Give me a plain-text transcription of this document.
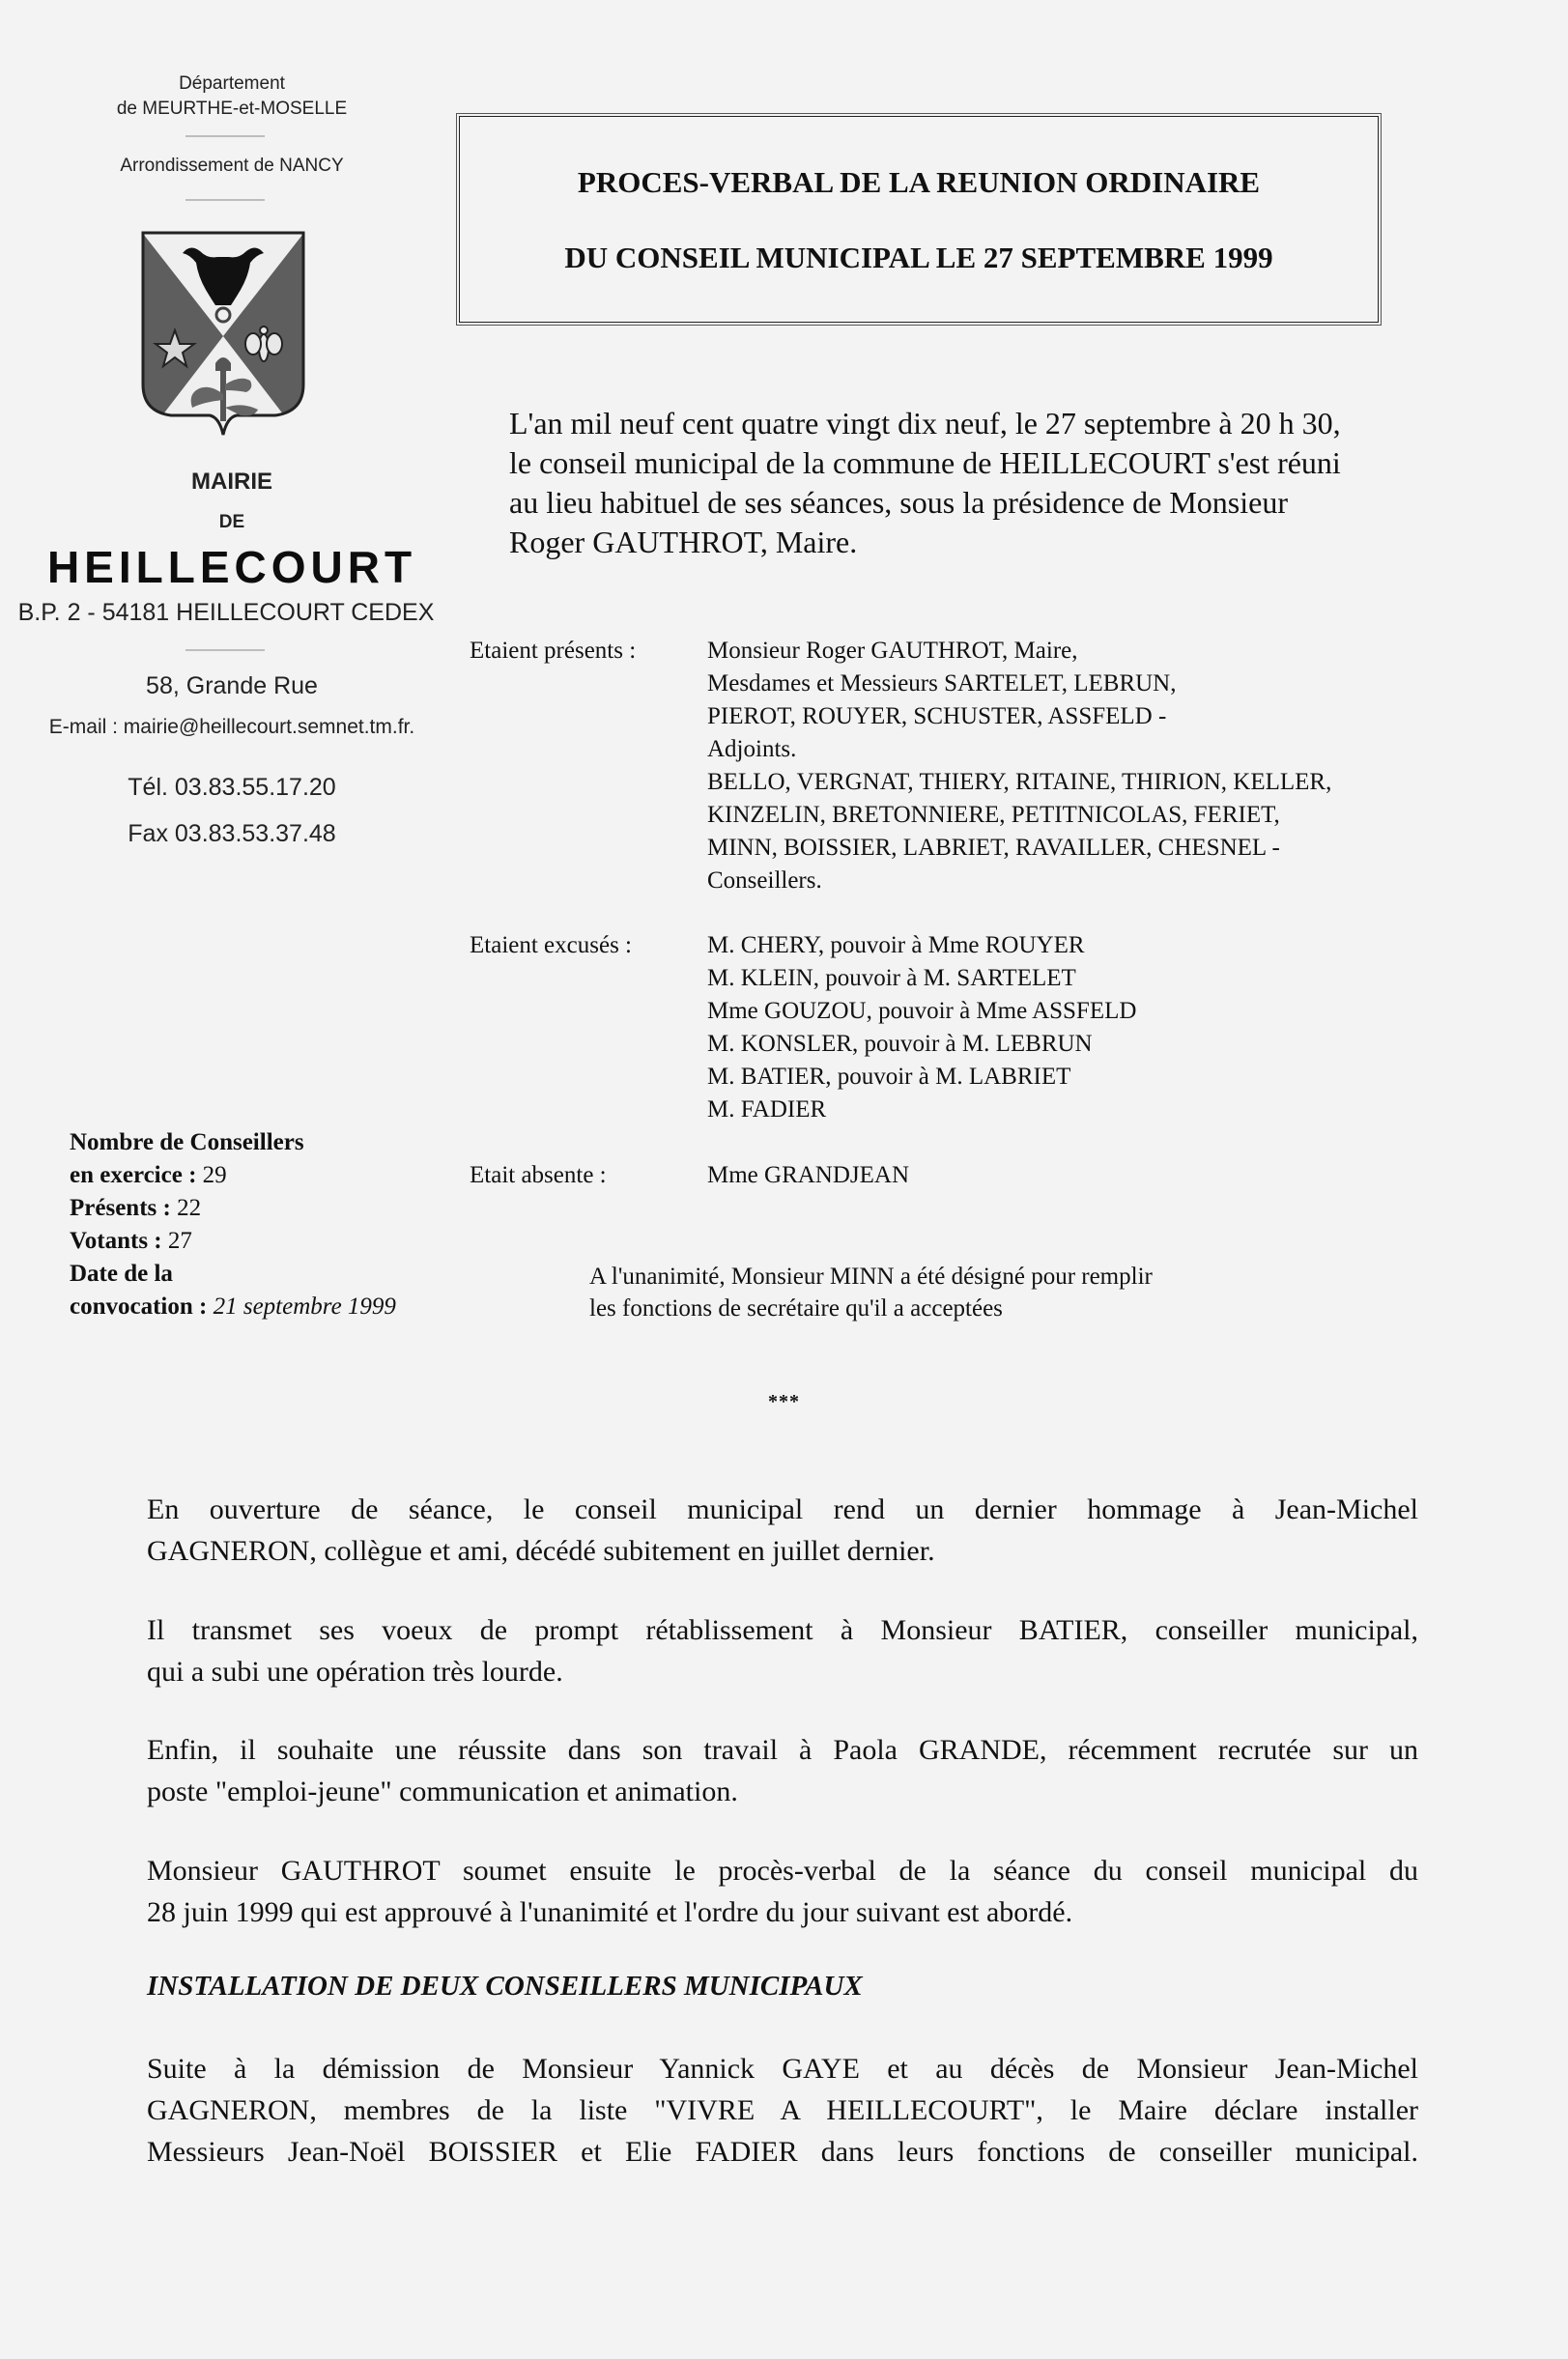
Département
de MEURTHE-et-MOSELLE
Arrondissement de NANCY
MAIRIE
DE
HEILLECOURT
B.P. 2 - 54181 HEILLECOURT CEDEX
58, Grande Rue
E-mail : mairie@heillecourt.semnet.tm.fr.
Tél. 03.83.55.17.20
Fax 03.83.53.37.48
PROCES-VERBAL DE LA REUNION ORDINAIRE
DU CONSEIL MUNICIPAL LE 27 SEPTEMBRE 1999
L'an mil neuf cent quatre vingt dix neuf, le 27 septembre à 20 h 30,
le conseil municipal de la commune de HEILLECOURT s'est réuni
au lieu habituel de ses séances, sous la présidence de Monsieur
Roger GAUTHROT, Maire.
Etaient présents :	Monsieur Roger GAUTHROT, Maire,
Mesdames et Messieurs SARTELET, LEBRUN,
PIEROT, ROUYER, SCHUSTER, ASSFELD -
Adjoints.
BELLO, VERGNAT, THIERY, RITAINE, THIRION, KELLER,
KINZELIN, BRETONNIERE, PETITNICOLAS, FERIET,
MINN, BOISSIER, LABRIET, RAVAILLER, CHESNEL -
Conseillers.
Etaient excusés :	M. CHERY, pouvoir à Mme ROUYER
M. KLEIN, pouvoir à M. SARTELET
Mme GOUZOU, pouvoir à Mme ASSFELD
M. KONSLER, pouvoir à M. LEBRUN
M. BATIER, pouvoir à M. LABRIET
M. FADIER
Etait absente :	Mme GRANDJEAN
A l'unanimité, Monsieur MINN a été désigné pour remplir
les fonctions de secrétaire qu'il a acceptées
Nombre de Conseillers
en exercice : 29
Présents : 22
Votants : 27
Date de la
convocation : 21 septembre 1999
***
En ouverture de séance, le conseil municipal rend un dernier hommage à Jean-Michel
GAGNERON, collègue et ami, décédé subitement en juillet dernier.
Il transmet ses voeux de prompt rétablissement à Monsieur BATIER, conseiller municipal,
qui a subi une opération très lourde.
Enfin, il souhaite une réussite dans son travail à Paola GRANDE, récemment recrutée sur un
poste "emploi-jeune" communication et animation.
Monsieur GAUTHROT soumet ensuite le procès-verbal de la séance du conseil municipal du
28 juin 1999 qui est approuvé à l'unanimité et l'ordre du jour suivant est abordé.
INSTALLATION DE DEUX CONSEILLERS MUNICIPAUX
Suite à la démission de Monsieur Yannick GAYE et au décès de Monsieur Jean-Michel
GAGNERON, membres de la liste "VIVRE A HEILLECOURT", le Maire déclare installer
Messieurs Jean-Noël BOISSIER et Elie FADIER dans leurs fonctions de conseiller municipal.
